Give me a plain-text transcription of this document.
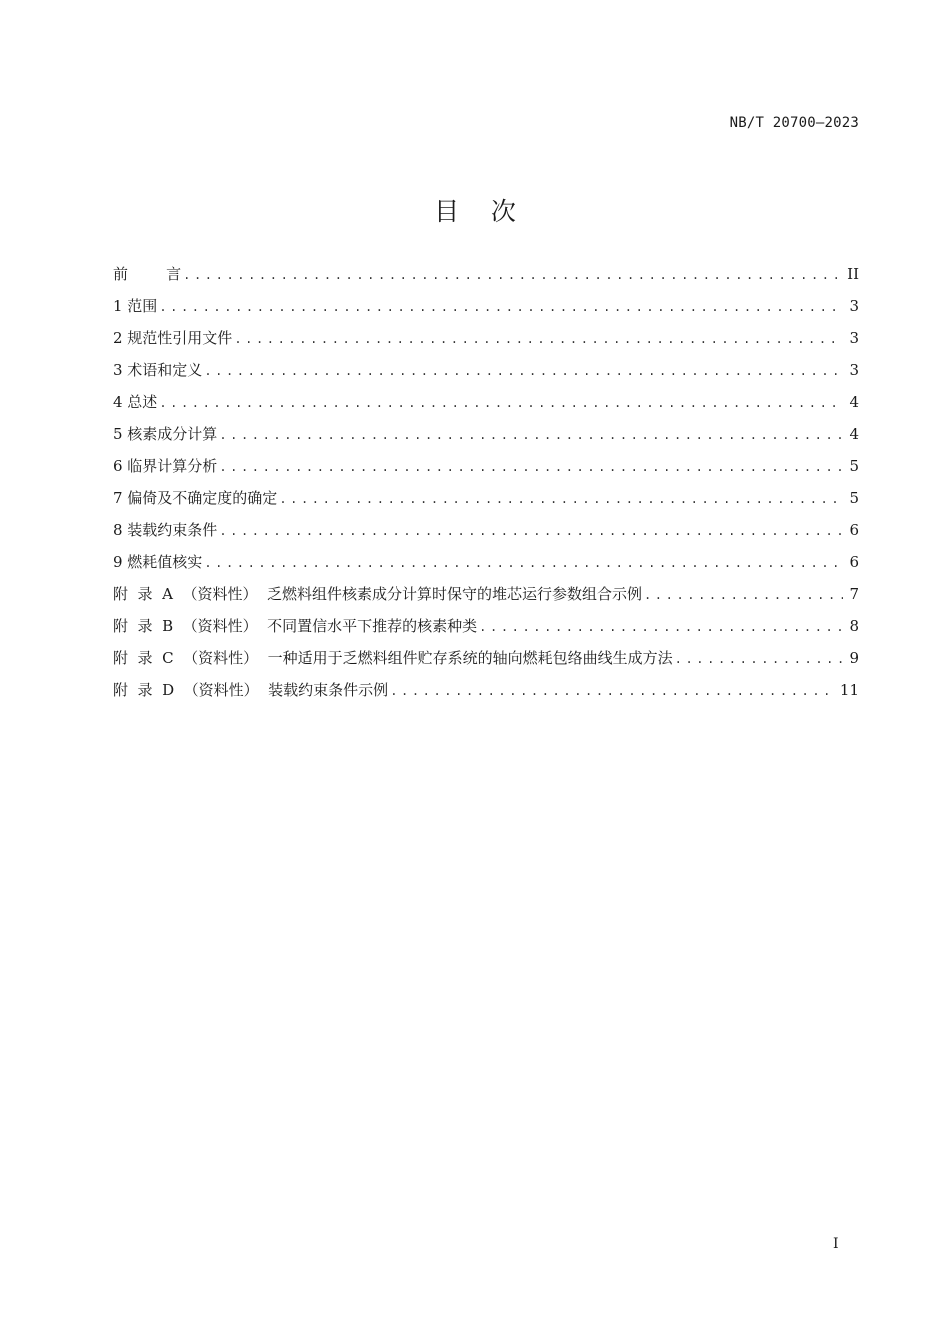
NB/T 20700—2023
目    次
前        言 .....	II
1 范围 .....	3
2 规范性引用文件 .....	3
3 术语和定义 .....	3
4 总述 .....	4
5 核素成分计算 .....	4
6 临界计算分析 .....	5
7 偏倚及不确定度的确定 .....	5
8 装载约束条件 .....	6
9 燃耗值核实 .....	6
附  录  A  （资料性）  乏燃料组件核素成分计算时保守的堆芯运行参数组合示例 .....	7
附  录  B  （资料性）  不同置信水平下推荐的核素种类 .....	8
附  录  C  （资料性）  一种适用于乏燃料组件贮存系统的轴向燃耗包络曲线生成方法 .....	9
附  录  D  （资料性）  装载约束条件示例 .....	11
I
